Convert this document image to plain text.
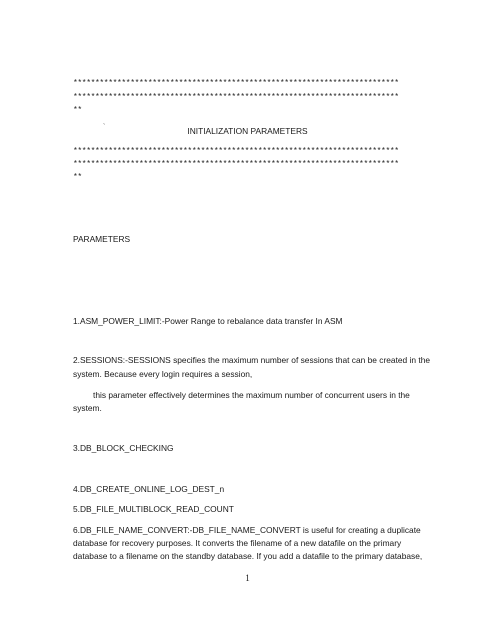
**************************************************************************
**************************************************************************
**
`	INITIALIZATION PARAMETERS
**************************************************************************
**************************************************************************
**
PARAMETERS
1.ASM_POWER_LIMIT:-Power Range to rebalance data transfer In ASM
2.SESSIONS:-SESSIONS specifies the maximum number of sessions that can be created in the
system. Because every login requires a session,
this parameter effectively determines the maximum number of concurrent users in the
system.
3.DB_BLOCK_CHECKING
4.DB_CREATE_ONLINE_LOG_DEST_n
5.DB_FILE_MULTIBLOCK_READ_COUNT
6.DB_FILE_NAME_CONVERT:-DB_FILE_NAME_CONVERT is useful for creating a duplicate
database for recovery purposes. It converts the filename of a new datafile on the primary
database to a filename on the standby database. If you add a datafile to the primary database,
1
